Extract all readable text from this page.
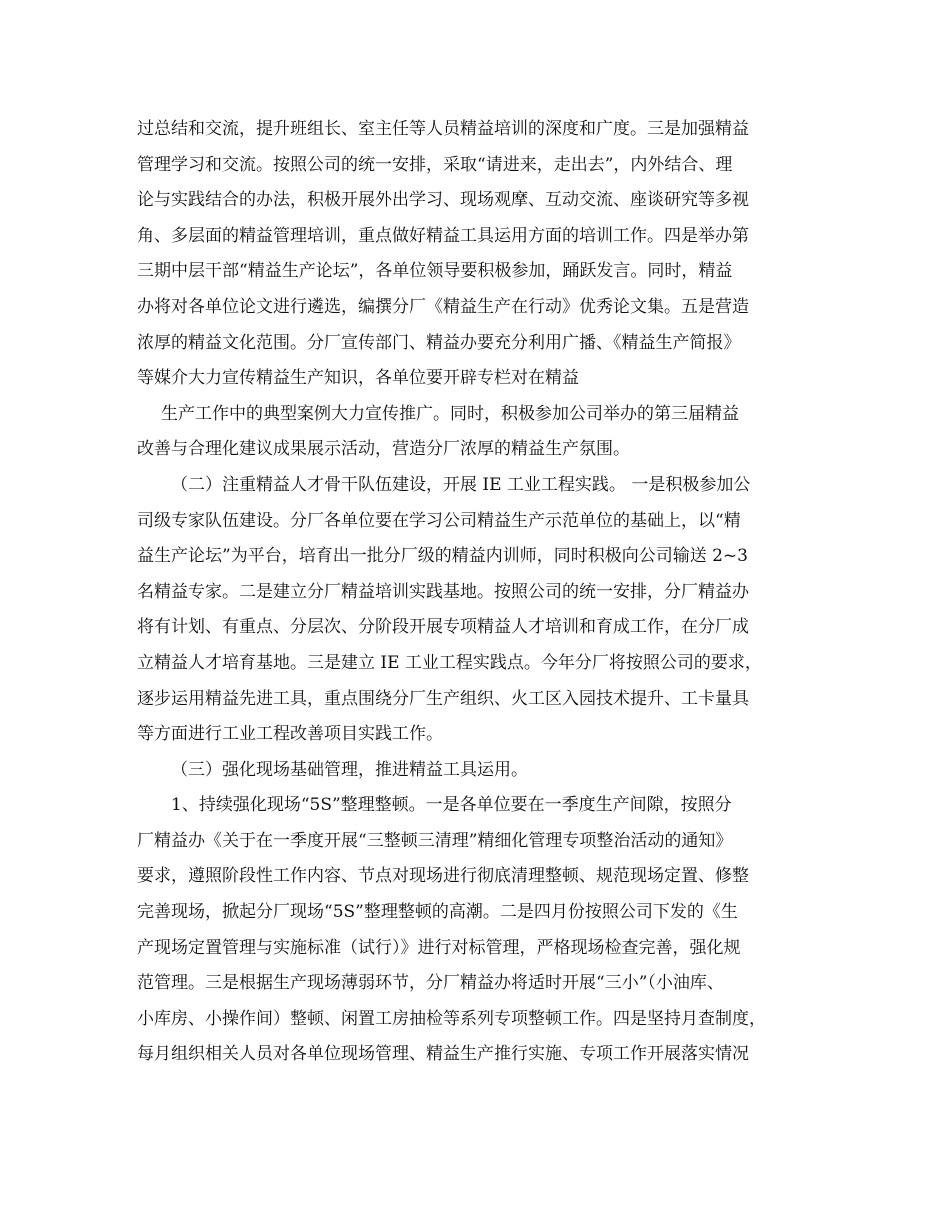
过总结和交流，提升班组长、室主任等人员精益培训的深度和广度。三是加强精益
管理学习和交流。按照公司的统一安排，采取“请进来，走出去”，内外结合、理
论与实践结合的办法，积极开展外出学习、现场观摩、互动交流、座谈研究等多视
角、多层面的精益管理培训，重点做好精益工具运用方面的培训工作。四是举办第
三期中层干部“精益生产论坛”，各单位领导要积极参加，踊跃发言。同时，精益
办将对各单位论文进行遴选，编撰分厂《精益生产在行动》优秀论文集。五是营造
浓厚的精益文化范围。分厂宣传部门、精益办要充分利用广播、《精益生产简报》
等媒介大力宣传精益生产知识，各单位要开辟专栏对在精益
生产工作中的典型案例大力宣传推广。同时，积极参加公司举办的第三届精益
改善与合理化建议成果展示活动，营造分厂浓厚的精益生产氛围。
（二）注重精益人才骨干队伍建设，开展 IE 工业工程实践。 一是积极参加公
司级专家队伍建设。分厂各单位要在学习公司精益生产示范单位的基础上，以“精
益生产论坛”为平台，培育出一批分厂级的精益内训师，同时积极向公司输送 2~3
名精益专家。二是建立分厂精益培训实践基地。按照公司的统一安排，分厂精益办
将有计划、有重点、分层次、分阶段开展专项精益人才培训和育成工作，在分厂成
立精益人才培育基地。三是建立 IE 工业工程实践点。今年分厂将按照公司的要求，
逐步运用精益先进工具，重点围绕分厂生产组织、火工区入园技术提升、工卡量具
等方面进行工业工程改善项目实践工作。
（三）强化现场基础管理，推进精益工具运用。
1、持续强化现场“5S”整理整顿。一是各单位要在一季度生产间隙，按照分
厂精益办《关于在一季度开展“三整顿三清理”精细化管理专项整治活动的通知》
要求，遵照阶段性工作内容、节点对现场进行彻底清理整顿、规范现场定置、修整
完善现场，掀起分厂现场“5S”整理整顿的高潮。二是四月份按照公司下发的《生
产现场定置管理与实施标准（试行）》进行对标管理，严格现场检查完善，强化规
范管理。三是根据生产现场薄弱环节，分厂精益办将适时开展“三小”（小油库、
小库房、小操作间）整顿、闲置工房抽检等系列专项整顿工作。四是坚持月查制度，
每月组织相关人员对各单位现场管理、精益生产推行实施、专项工作开展落实情况
